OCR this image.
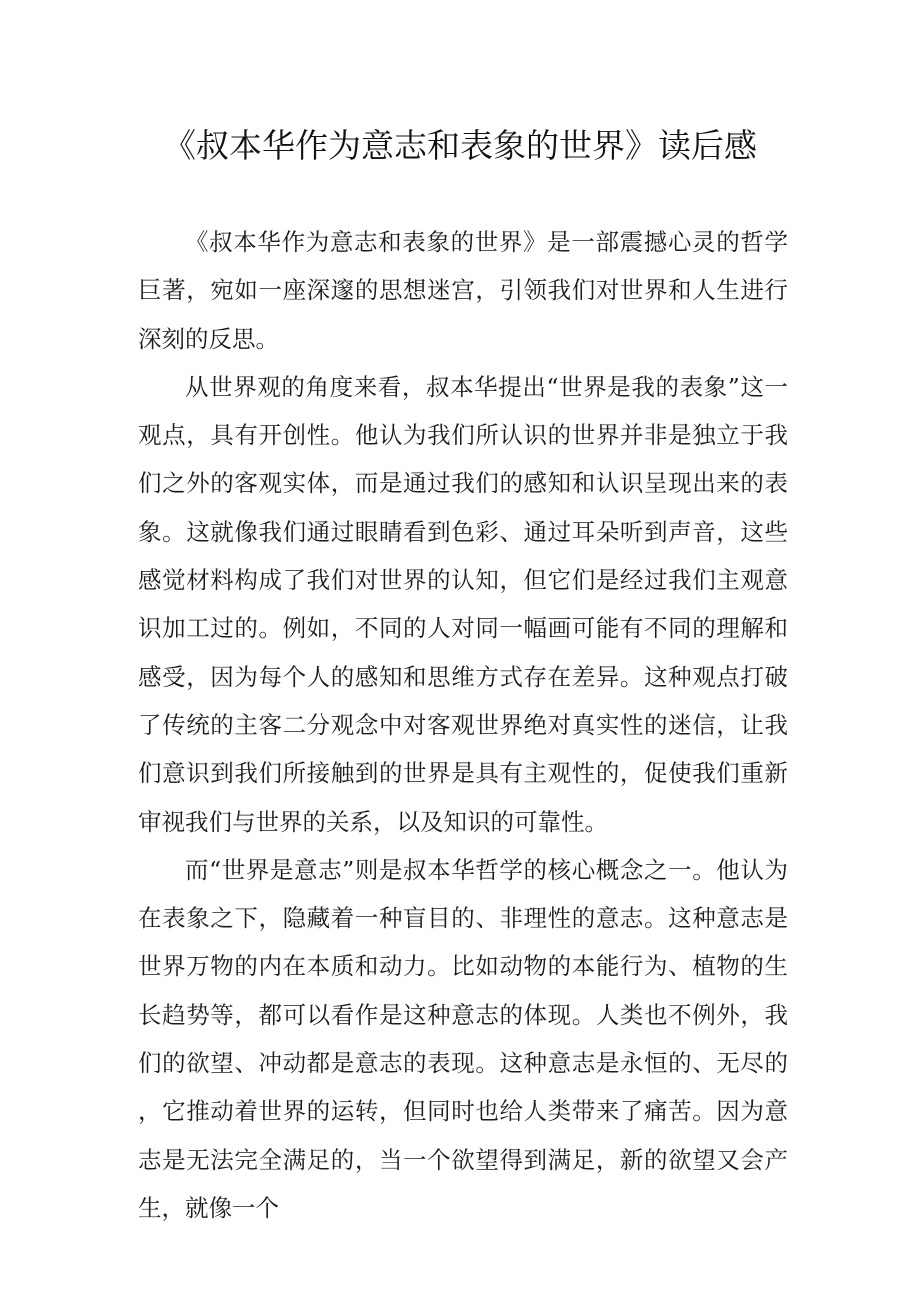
《叔本华作为意志和表象的世界》读后感

《叔本华作为意志和表象的世界》是一部震撼心灵的哲学巨著，宛如一座深邃的思想迷宫，引领我们对世界和人生进行深刻的反思。

从世界观的角度来看，叔本华提出“世界是我的表象”这一观点，具有开创性。他认为我们所认识的世界并非是独立于我们之外的客观实体，而是通过我们的感知和认识呈现出来的表象。这就像我们通过眼睛看到色彩、通过耳朵听到声音，这些感觉材料构成了我们对世界的认知，但它们是经过我们主观意识加工过的。例如，不同的人对同一幅画可能有不同的理解和感受，因为每个人的感知和思维方式存在差异。这种观点打破了传统的主客二分观念中对客观世界绝对真实性的迷信，让我们意识到我们所接触到的世界是具有主观性的，促使我们重新审视我们与世界的关系，以及知识的可靠性。

而“世界是意志”则是叔本华哲学的核心概念之一。他认为在表象之下，隐藏着一种盲目的、非理性的意志。这种意志是世界万物的内在本质和动力。比如动物的本能行为、植物的生长趋势等，都可以看作是这种意志的体现。人类也不例外，我们的欲望、冲动都是意志的表现。这种意志是永恒的、无尽的，它推动着世界的运转，但同时也给人类带来了痛苦。因为意志是无法完全满足的，当一个欲望得到满足，新的欲望又会产生，就像一个
